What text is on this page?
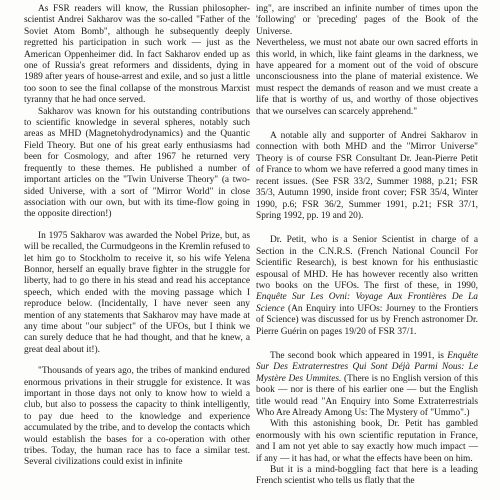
As FSR readers will know, the Russian philosopher-scientist Andrei Sakharov was the so-called "Father of the Soviet Atom Bomb", although he subsequently deeply regretted his participation in such work — just as the American Oppenheimer did. In fact Sakharov ended up as one of Russia's great reformers and dissidents, dying in 1989 after years of house-arrest and exile, and so just a little too soon to see the final collapse of the monstrous Marxist tyranny that he had once served.

Sakharov was known for his outstanding contributions to scientific knowledge in several spheres, notably such areas as MHD (Magnetohydrodynamics) and the Quantic Field Theory. But one of his great early enthusiasms had been for Cosmology, and after 1967 he returned very frequently to these themes. He published a number of important articles on the "Twin Universe Theory" (a two-sided Universe, with a sort of "Mirror World" in close association with our own, but with its time-flow going in the opposite direction!)

In 1975 Sakharov was awarded the Nobel Prize, but, as will be recalled, the Curmudgeons in the Kremlin refused to let him go to Stockholm to receive it, so his wife Yelena Bonnor, herself an equally brave fighter in the struggle for liberty, had to go there in his stead and read his acceptance speech, which ended with the moving passage which I reproduce below. (Incidentally, I have never seen any mention of any statements that Sakharov may have made at any time about "our subject" of the UFOs, but I think we can surely deduce that he had thought, and that he knew, a great deal about it!).

"Thousands of years ago, the tribes of mankind endured enormous privations in their struggle for existence. It was important in those days not only to know how to wield a club, but also to possess the capacity to think intelligently, to pay due heed to the knowledge and experience accumulated by the tribe, and to develop the contacts which would establish the bases for a co-operation with other tribes. Today, the human race has to face a similar test. Several civilizations could exist in infinite

ing", are inscribed an infinite number of times upon the 'following' or 'preceding' pages of the Book of the Universe.

Nevertheless, we must not abate our own sacred efforts in this world, in which, like faint gleams in the darkness, we have appeared for a moment out of the void of obscure unconsciousness into the plane of material existence. We must respect the demands of reason and we must create a life that is worthy of us, and worthy of those objectives that we ourselves can scarcely apprehend."

A notable ally and supporter of Andrei Sakharov in connection with both MHD and the "Mirror Universe" Theory is of course FSR Consultant Dr. Jean-Pierre Petit of France to whom we have referred a good many times in recent issues. (See FSR 33/2, Summer 1988, p.21; FSR 35/3, Autumn 1990, inside front cover; FSR 35/4, Winter 1990, p.6; FSR 36/2, Summer 1991, p.21; FSR 37/1, Spring 1992, pp. 19 and 20).

Dr. Petit, who is a Senior Scientist in charge of a Section in the C.N.R.S. (French National Council For Scientific Research), is best known for his enthusiastic espousal of MHD. He has however recently also written two books on the UFOs. The first of these, in 1990, Enquête Sur Les Ovni: Voyage Aux Frontières De La Science (An Enquiry into UFOs: Journey to the Frontiers of Science) was discussed for us by French astronomer Dr. Pierre Guérin on pages 19/20 of FSR 37/1.

The second book which appeared in 1991, is Enquête Sur Des Extraterrestres Qui Sont Déjà Parmi Nous: Le Mystère Des Ummites. (There is no English version of this book — nor is there of his earlier one — but the English title would read "An Enquiry into Some Extraterrestrials Who Are Already Among Us: The Mystery of "Ummo".)

With this astonishing book, Dr. Petit has gambled enormously with his own scientific reputation in France, and I am not yet able to say exactly how much impact — if any — it has had, or what the effects have been on him.

But it is a mind-boggling fact that here is a leading French scientist who tells us flatly that the
